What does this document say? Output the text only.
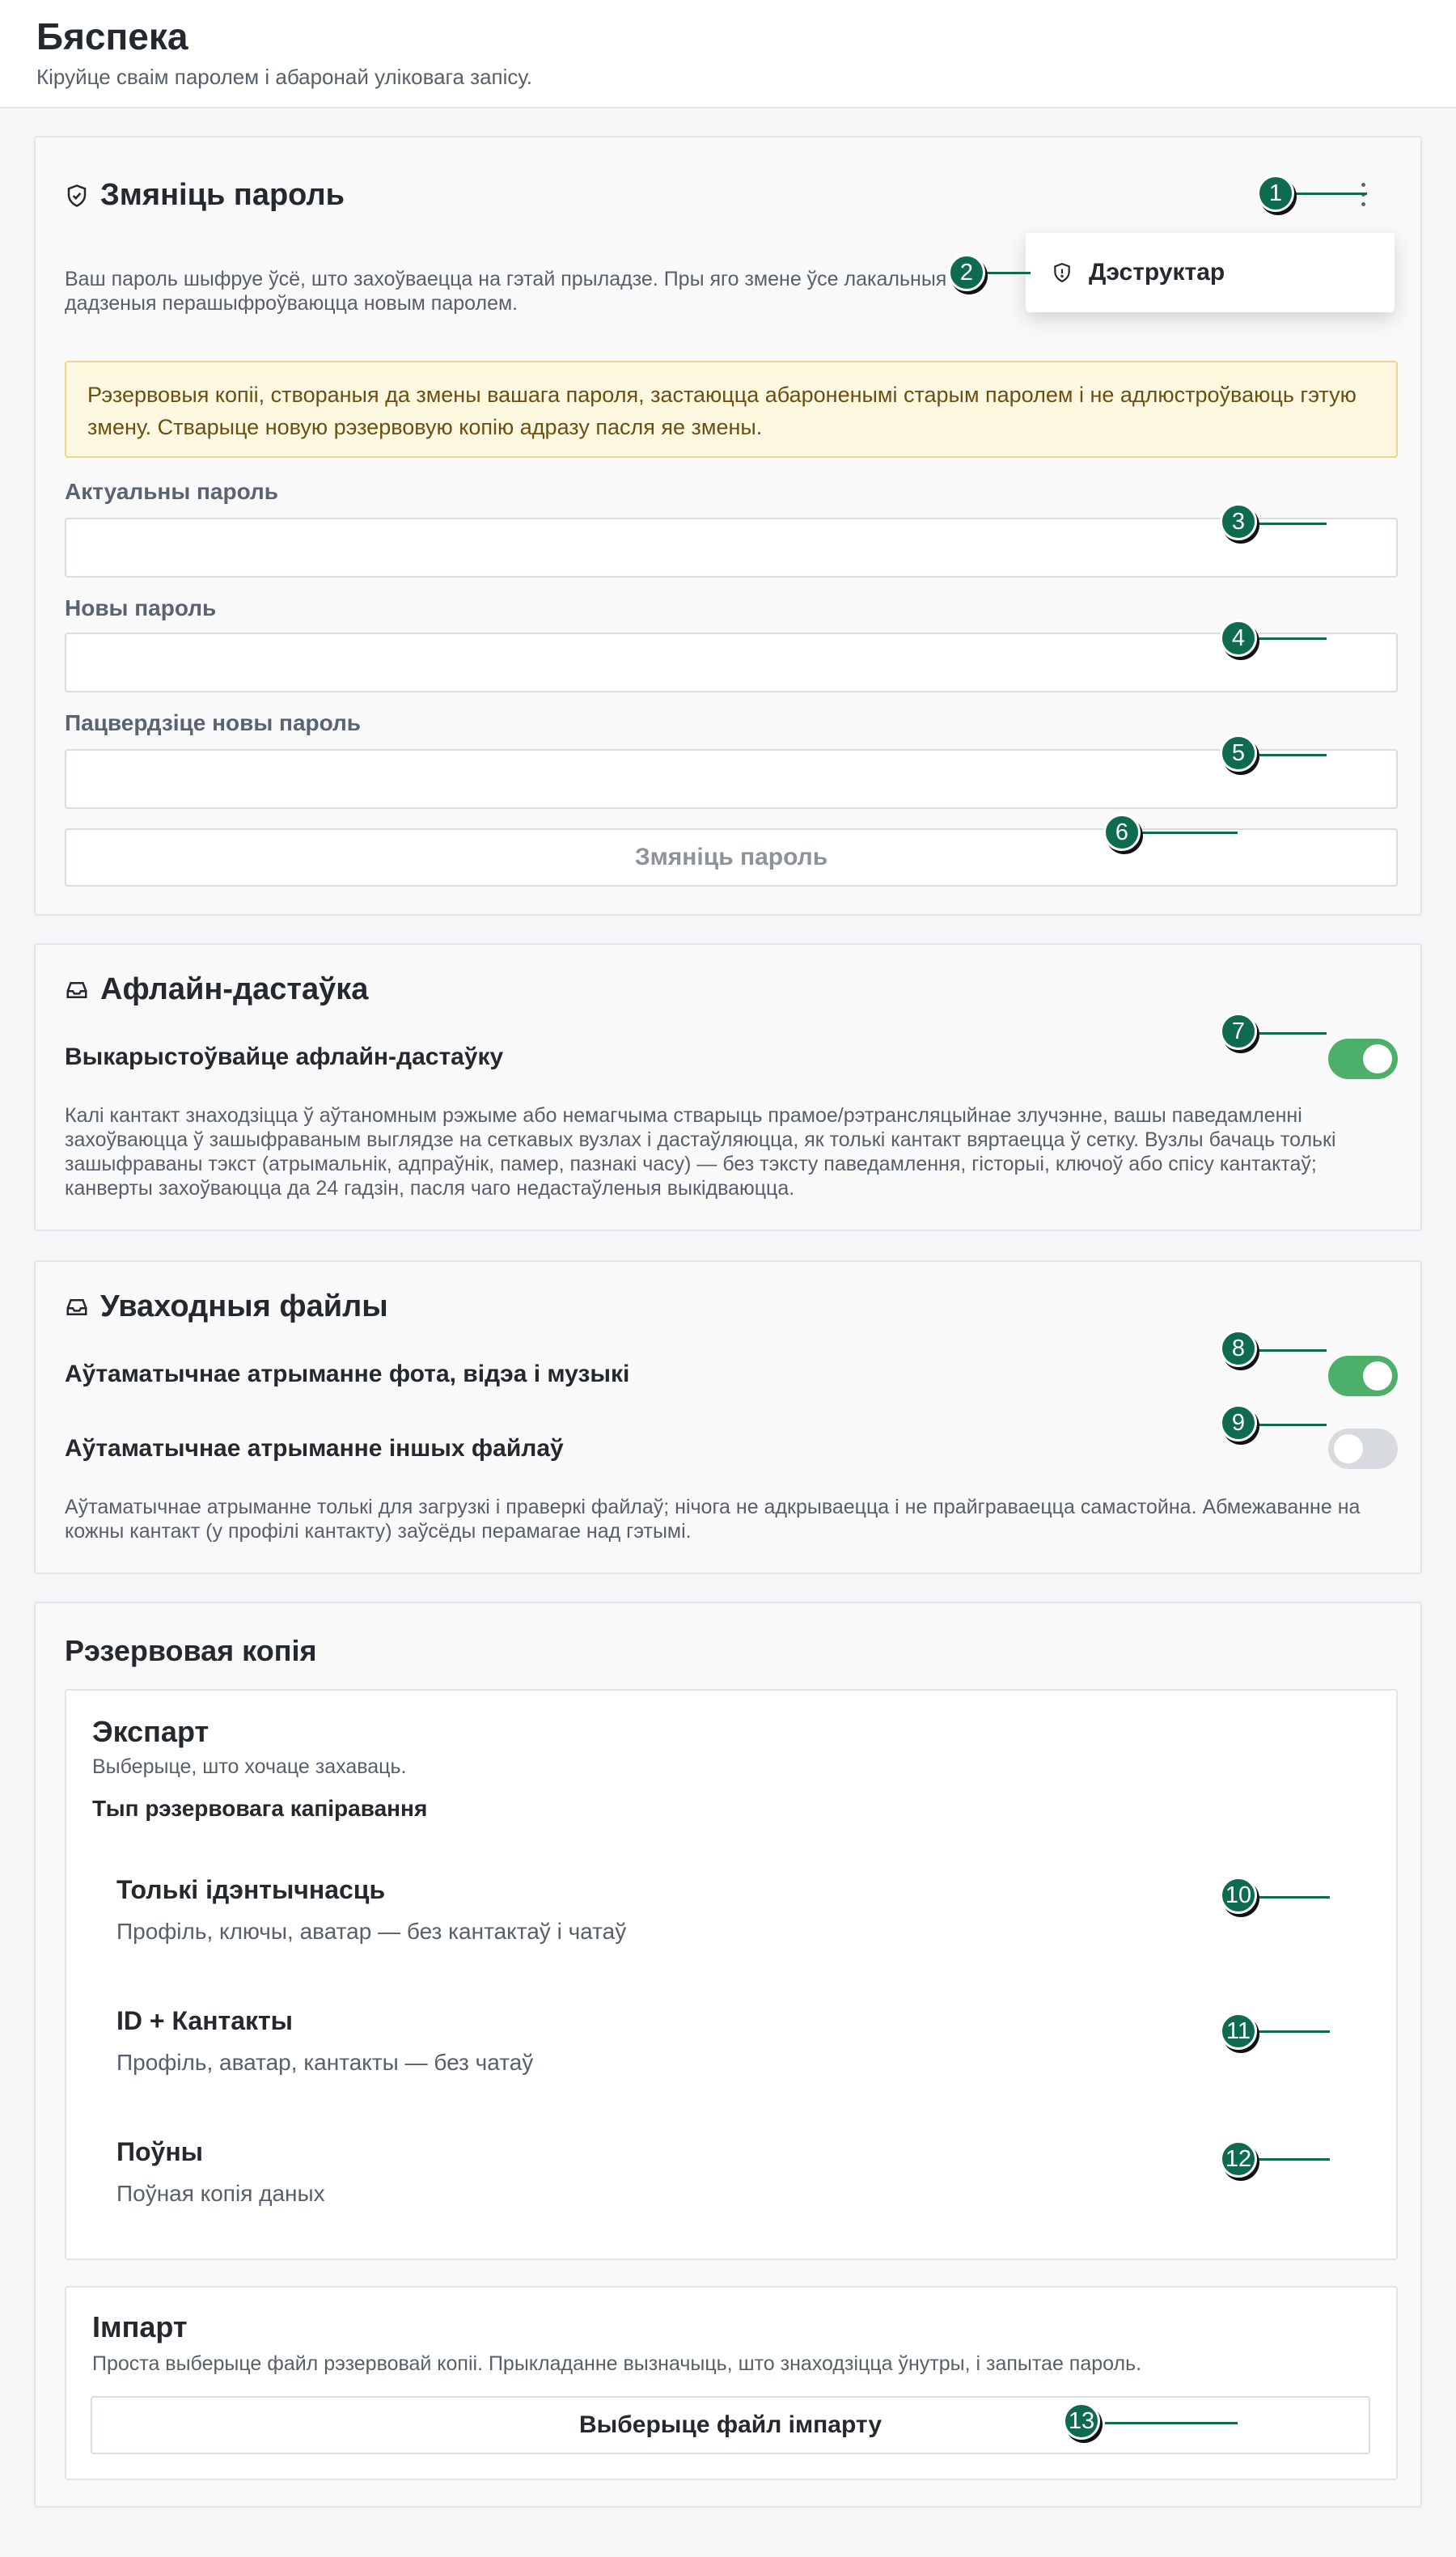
Бяспека

Кіруйце сваім паролем і абаронай уліковага запісу.

Змяніць пароль
Ваш пароль шыфруе ўсё, што захоўваецца на гэтай прыладзе. Пры яго змене ўсе лакальныя дадзеныя перашыфроўваюцца новым паролем.
Рэзервовыя копіі, створаныя да змены вашага пароля, застаюцца абароненымі старым паролем і не адлюстроўваюць гэтую змену. Стварыце новую рэзервовую копію адразу пасля яе змены.
Актуальны пароль
Новы пароль
Пацвердзіце новы пароль
Змяніць пароль
Дэструктар
Афлайн-дастаўка
Выкарыстоўвайце афлайн-дастаўку
Калі кантакт знаходзіцца ў аўтаномным рэжыме або немагчыма стварыць прамое/рэтрансляцыйнае злучэнне, вашы паведамленні захоўваюцца ў зашыфраваным выглядзе на сеткавых вузлах і дастаўляюцца, як толькі кантакт вяртаецца ў сетку. Вузлы бачаць толькі зашыфраваны тэкст (атрымальнік, адпраўнік, памер, пазнакі часу) — без тэксту паведамлення, гісторыі, ключоў або спісу кантактаў; канверты захоўваюцца да 24 гадзін, пасля чаго недастаўленыя выкідваюцца.
Уваходныя файлы
Аўтаматычнае атрыманне фота, відэа і музыкі
Аўтаматычнае атрыманне іншых файлаў
Аўтаматычнае атрыманне толькі для загрузкі і праверкі файлаў; нічога не адкрываецца і не прайграваецца самастойна. Абмежаванне на кожны кантакт (у профілі кантакту) заўсёды перамагае над гэтымі.
Рэзервовая копія
Экспарт
Выберыце, што хочаце захаваць.
Тып рэзервовага капіравання
Толькі ідэнтычнасць
Профіль, ключы, аватар — без кантактаў і чатаў
ID + Кантакты
Профіль, аватар, кантакты — без чатаў
Поўны
Поўная копія даных
Імпарт
Проста выберыце файл рэзервовай копіі. Прыкладанне вызначыць, што знаходзіцца ўнутры, і запытае пароль.
Выберыце файл імпарту
1
2
3
4
5
6
7
8
9
10
11
12
13
